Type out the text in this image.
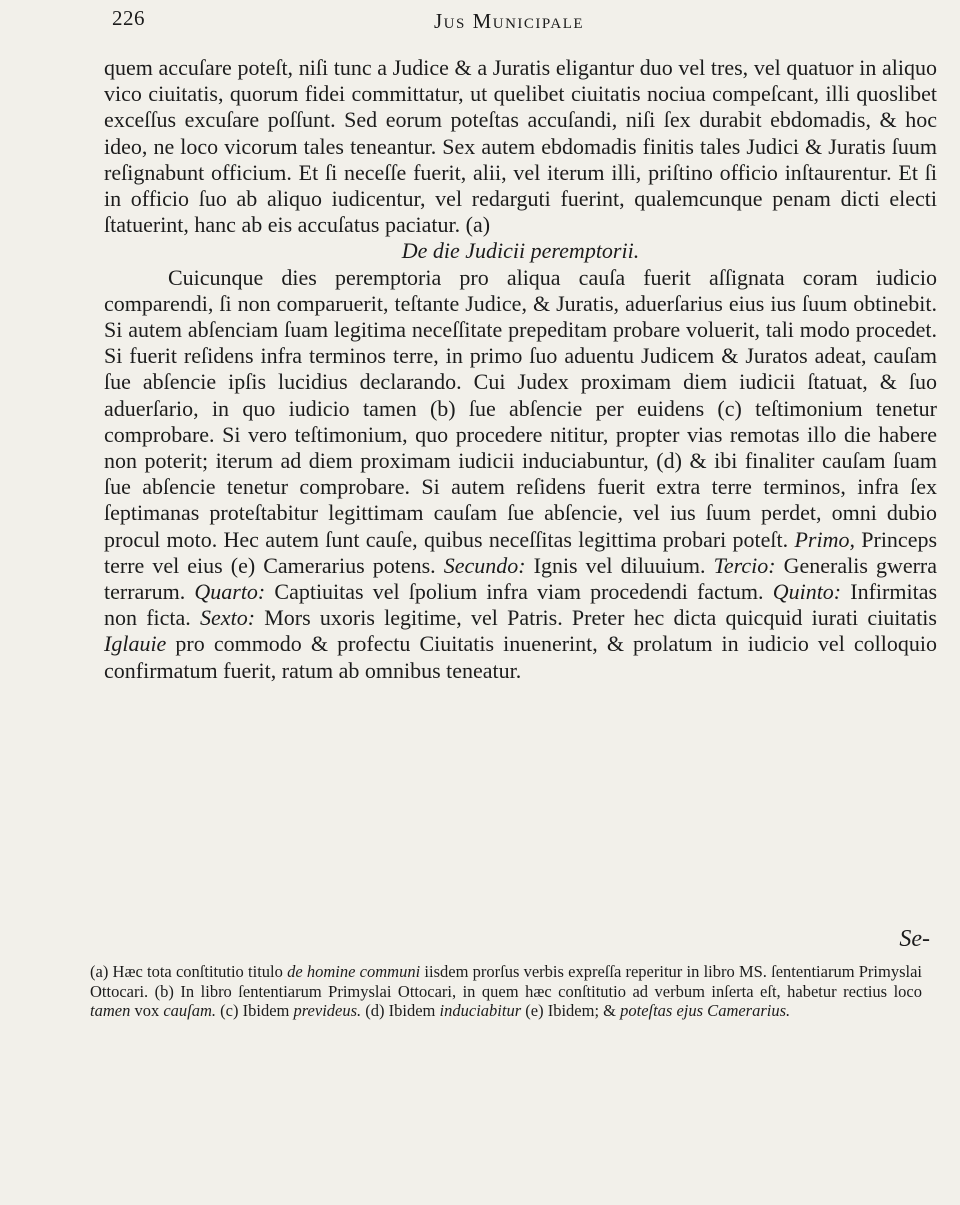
226	Jus Municipale

quem accuſare poteſt, niſi tunc a Judice & a Juratis eligantur duo vel tres, vel quatuor in aliquo vico ciuitatis, quorum fidei committatur, ut quelibet ciuitatis nociua compeſcant, illi quoslibet exceſſus excuſare poſſunt. Sed eorum poteſtas accuſandi, niſi ſex durabit ebdomadis, & hoc ideo, ne loco vicorum tales teneantur. Sex autem ebdomadis finitis tales Judici & Juratis ſuum reſignabunt officium. Et ſi neceſſe fuerit, alii, vel iterum illi, priſtino officio inſtaurentur. Et ſi in officio ſuo ab aliquo iudicentur, vel redarguti fuerint, qualemcunque penam dicti electi ſtatuerint, hanc ab eis accuſatus paciatur. (a)

De die Judicii peremptorii.

Cuicunque dies peremptoria pro aliqua cauſa fuerit aſſignata coram iudicio comparendi, ſi non comparuerit, teſtante Judice, & Juratis, aduerſarius eius ius ſuum obtinebit. Si autem abſenciam ſuam legitima neceſſitate prepeditam probare voluerit, tali modo procedet. Si fuerit reſidens infra terminos terre, in primo ſuo aduentu Judicem & Juratos adeat, cauſam ſue abſencie ipſis lucidius declarando. Cui Judex proximam diem iudicii ſtatuat, & ſuo aduerſario, in quo iudicio tamen (b) ſue abſencie per euidens (c) teſtimonium tenetur comprobare. Si vero teſtimonium, quo procedere nititur, propter vias remotas illo die habere non poterit; iterum ad diem proximam iudicii induciabuntur, (d) & ibi finaliter cauſam ſuam ſue abſencie tenetur comprobare. Si autem reſidens fuerit extra terre terminos, infra ſex ſeptimanas proteſtabitur legittimam cauſam ſue abſencie, vel ius ſuum perdet, omni dubio procul moto. Hec autem ſunt cauſe, quibus neceſſitas legittima probari poteſt. Primo, Princeps terre vel eius (e) Camerarius potens. Secundo: Ignis vel diluuium. Tercio: Generalis gwerra terrarum. Quarto: Captiuitas vel ſpolium infra viam procedendi factum. Quinto: Infirmitas non ficta. Sexto: Mors uxoris legitime, vel Patris. Preter hec dicta quicquid iurati ciuitatis Iglauie pro commodo & profectu Ciuitatis inuenerint, & prolatum in iudicio vel colloquio confirmatum fuerit, ratum ab omnibus teneatur.

Se-
(a) Hæc tota conſtitutio titulo de homine communi iisdem prorſus verbis expreſſa reperitur in libro MS. ſententiarum Primyslai Ottocari. (b) In libro ſententiarum Primyslai Ottocari, in quem hæc conſtitutio ad verbum inſerta eſt, habetur rectius loco tamen vox cauſam. (c) Ibidem prevideus. (d) Ibidem induciabitur (e) Ibidem; & poteſtas ejus Camerarius.
